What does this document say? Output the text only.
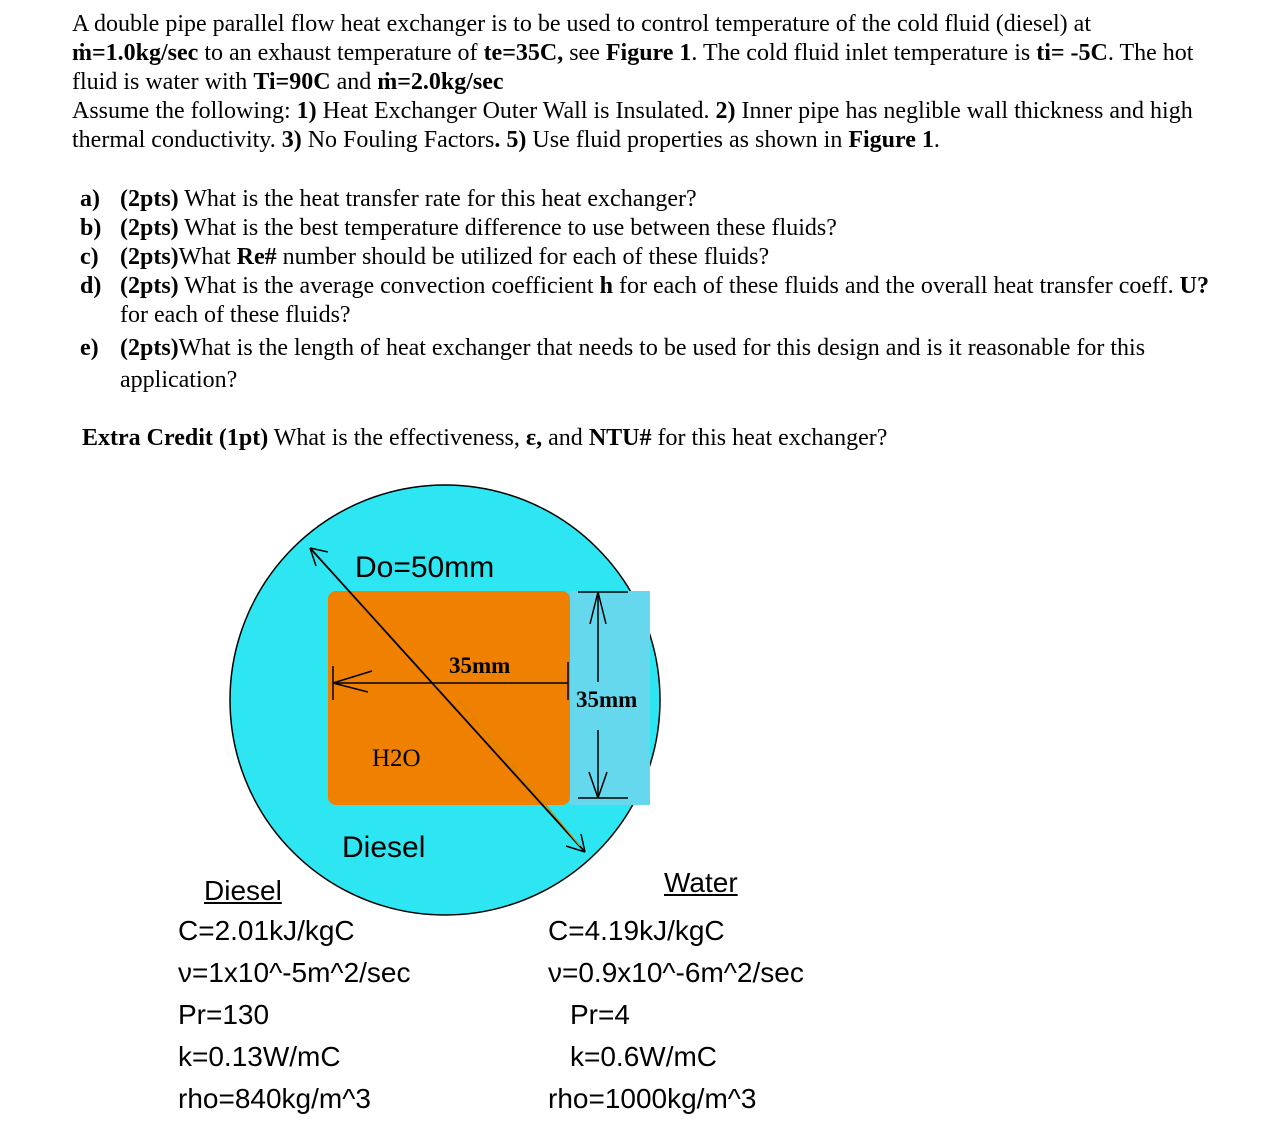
A double pipe parallel flow heat exchanger is to be used to control temperature of the cold fluid (diesel) at

ṁ=1.0kg/sec to an exhaust temperature of te=35C, see Figure 1. The cold fluid inlet temperature is ti= -5C. The hot

fluid is water with Ti=90C and ṁ=2.0kg/sec

Assume the following: 1) Heat Exchanger Outer Wall is Insulated. 2) Inner pipe has neglible wall thickness and high

thermal conductivity. 3) No Fouling Factors. 5) Use fluid properties as shown in Figure 1.

a) (2pts) What is the heat transfer rate for this heat exchanger?
b) (2pts) What is the best temperature difference to use between these fluids?
c) (2pts)What Re# number should be utilized for each of these fluids?
d) (2pts) What is the average convection coefficient h for each of these fluids and the overall heat transfer coeff. U?
for each of these fluids?
e) (2pts)What is the length of heat exchanger that needs to be used for this design and is it reasonable for this
application?
Extra Credit (1pt) What is the effectiveness, ε, and NTU# for this heat exchanger?
Do=50mm
35mm
35mm
H2O
Diesel
Diesel
C=2.01kJ/kgC
ν=1x10^-5m^2/sec
Pr=130
k=0.13W/mC
rho=840kg/m^3
Water
C=4.19kJ/kgC
ν=0.9x10^-6m^2/sec
Pr=4
k=0.6W/mC
rho=1000kg/m^3
